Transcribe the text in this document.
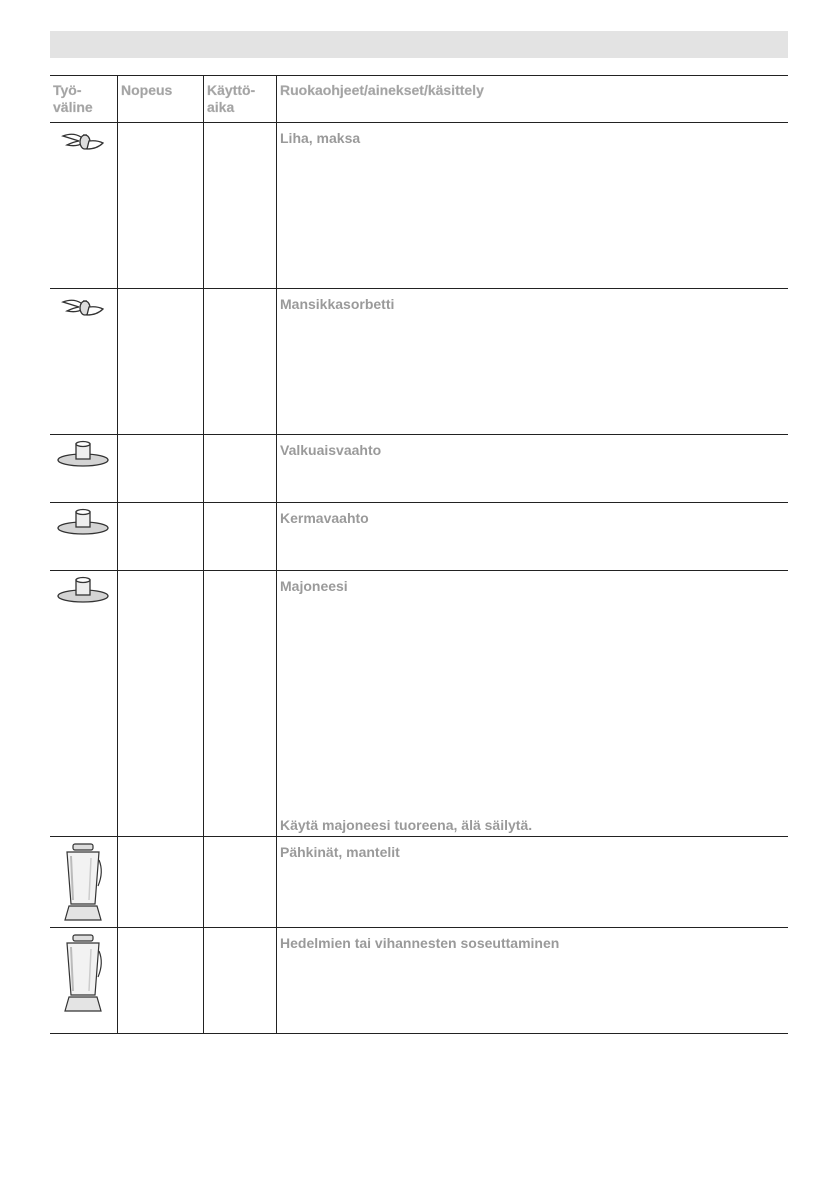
Työ-
väline
Nopeus	Käyttö-
aika
Ruokaohjeet/ainekset/käsittely
Liha, maksa
Mansikkasorbetti
Valkuaisvaahto
Kermavaahto
Majoneesi
Käytä majoneesi tuoreena, älä säilytä.
Pähkinät, mantelit
Hedelmien tai vihannesten soseuttaminen
